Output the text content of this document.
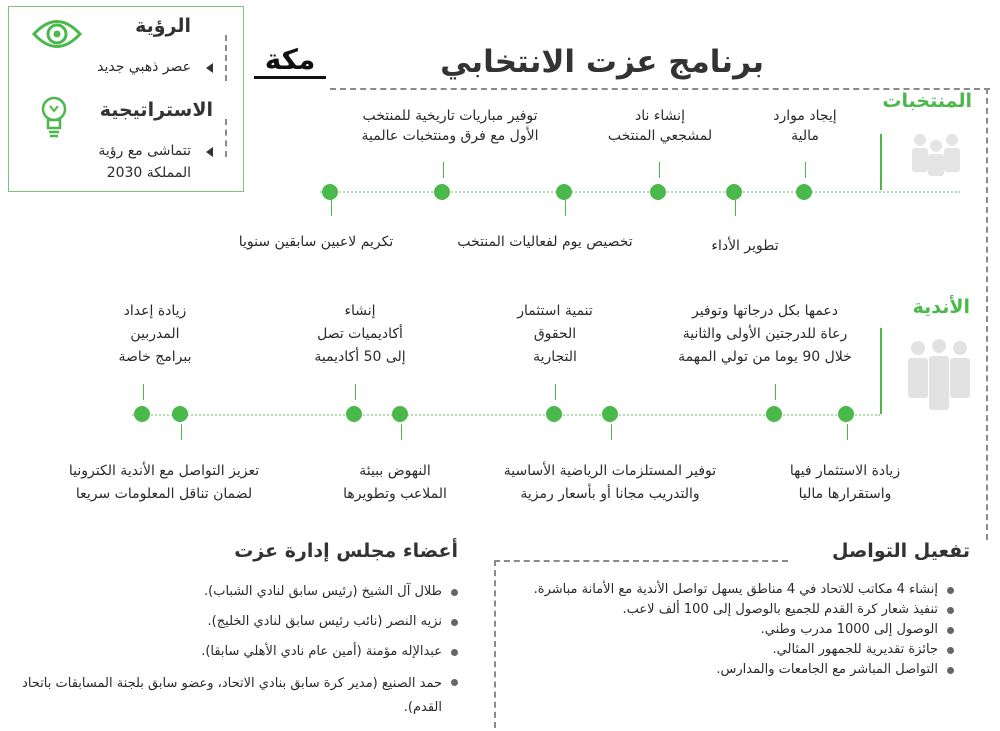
الرؤية
عصر ذهبي جديد
الاستراتيجية
تتماشى مع رؤية
المملكة 2030
مكة	برنامج عزت الانتخابي
المنتخبات
إيجاد موارد
مالية
إنشاء ناد
لمشجعي المنتخب
توفير مباريات تاريخية للمنتخب
الأول مع فرق ومنتخبات عالمية
تطوير الأداء
تخصيص يوم لفعاليات المنتخب
تكريم لاعبين سابقين سنويا
الأندية
دعمها بكل درجاتها وتوفير
رعاة للدرجتين الأولى والثانية
خلال 90 يوما من تولي المهمة
تنمية استثمار
الحقوق
التجارية
إنشاء
أكاديميات تصل
إلى 50 أكاديمية
زيادة إعداد
المدربين
ببرامج خاصة
زيادة الاستثمار فيها
واستقرارها ماليا
توفير المستلزمات الرياضية الأساسية
والتدريب مجانا أو بأسعار رمزية
النهوض ببيئة
الملاعب وتطويرها
تعزيز التواصل مع الأندية الكترونيا
لضمان تناقل المعلومات سريعا
تفعيل التواصل
إنشاء 4 مكاتب للاتحاد في 4 مناطق يسهل تواصل الأندية مع الأمانة مباشرة.
تنفيذ شعار كرة القدم للجميع بالوصول إلى 100 ألف لاعب.
الوصول إلى 1000 مدرب وطني.
جائزة تقديرية للجمهور المثالي.
التواصل المباشر مع الجامعات والمدارس.
أعضاء مجلس إدارة عزت
طلال آل الشيخ (رئيس سابق لنادي الشباب).
نزيه النصر (نائب رئيس سابق لنادي الخليج).
عبدالإله مؤمنة (أمين عام نادي الأهلي سابقا).
حمد الصنيع (مدير كرة سابق بنادي الاتحاد، وعضو سابق بلجنة المسابقات باتحاد القدم).
